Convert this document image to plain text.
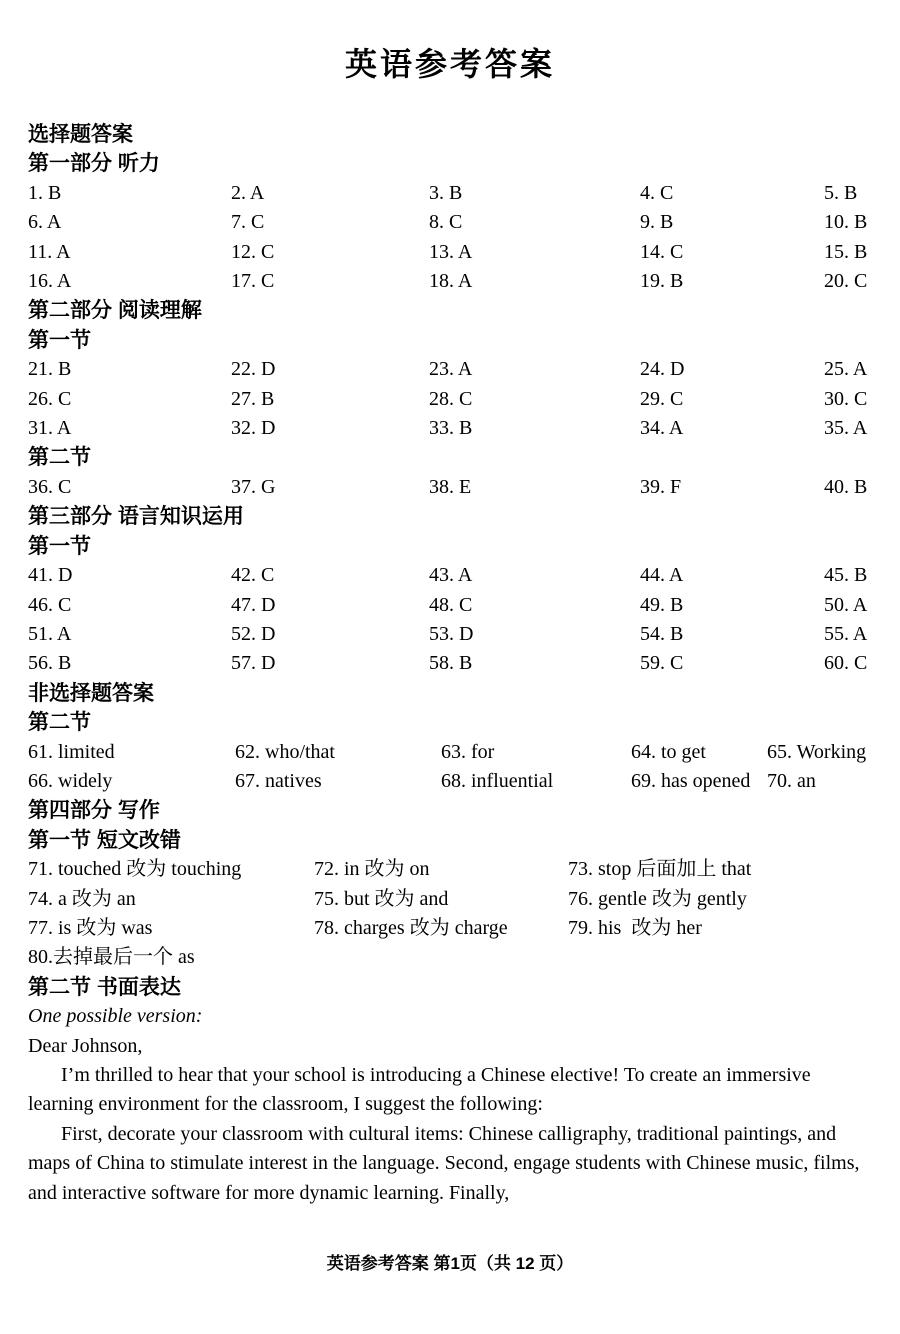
英语参考答案
选择题答案
第一部分 听力
1. B	2. A	3. B	4. C	5. B
6. A	7. C	8. C	9. B	10. B
11. A	12. C	13. A	14. C	15. B
16. A	17. C	18. A	19. B	20. C
第二部分 阅读理解
第一节
21. B	22. D	23. A	24. D	25. A
26. C	27. B	28. C	29. C	30. C
31. A	32. D	33. B	34. A	35. A
第二节
36. C	37. G	38. E	39. F	40. B
第三部分 语言知识运用
第一节
41. D	42. C	43. A	44. A	45. B
46. C	47. D	48. C	49. B	50. A
51. A	52. D	53. D	54. B	55. A
56. B	57. D	58. B	59. C	60. C
非选择题答案
第二节
61. limited	62. who/that	63. for	64. to get	65. Working
66. widely	67. natives	68. influential	69. has opened 70. an
第四部分 写作
第一节 短文改错
71. touched 改为 touching	72. in 改为 on	73. stop 后面加上 that
74. a 改为 an	75. but 改为 and	76. gentle 改为 gently
77. is 改为 was	78. charges 改为 charge	79. his  改为 her
80.去掉最后一个 as
第二节 书面表达
One possible version:
Dear Johnson,
I’m thrilled to hear that your school is introducing a Chinese elective! To create an immersive learning environment for the classroom, I suggest the following:
First, decorate your classroom with cultural items: Chinese calligraphy, traditional paintings, and maps of China to stimulate interest in the language. Second, engage students with Chinese music, films, and interactive software for more dynamic learning. Finally,
英语参考答案 第1页（共 12 页）
